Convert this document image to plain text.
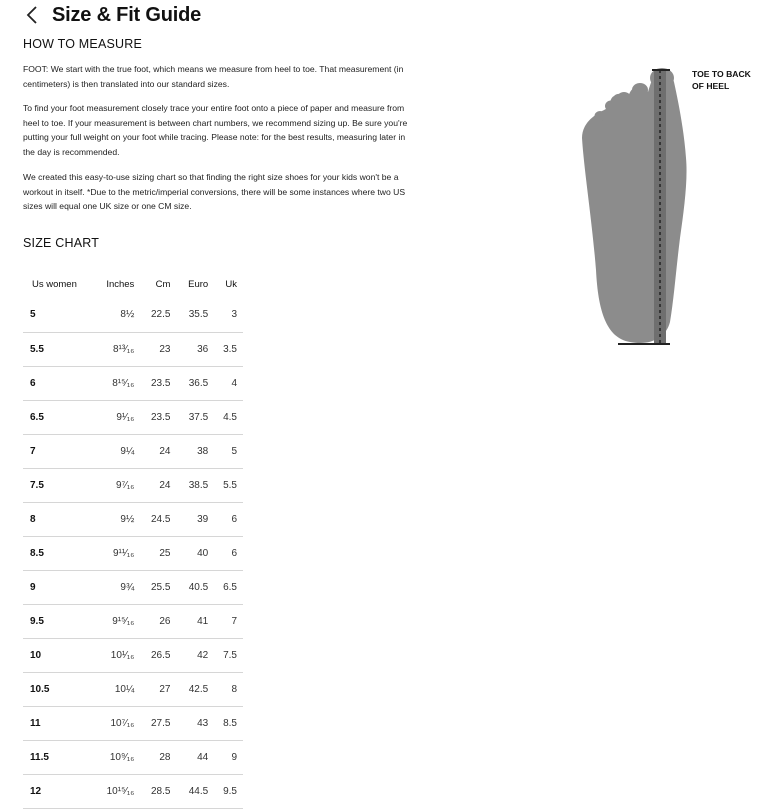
Size & Fit Guide
HOW TO MEASURE
FOOT: We start with the true foot, which means we measure from heel to toe. That measurement (in centimeters) is then translated into our standard sizes.
To find your foot measurement closely trace your entire foot onto a piece of paper and measure from heel to toe. If your measurement is between chart numbers, we recommend sizing up. Be sure you're putting your full weight on your foot while tracing. Please note: for the best results, measuring later in the day is recommended.
We created this easy-to-use sizing chart so that finding the right size shoes for your kids won't be a workout in itself. *Due to the metric/imperial conversions, there will be some instances where two US sizes will equal one UK size or one CM size.
SIZE CHART
Us women	Inches	Cm	Euro	Uk
5	8½	22.5	35.5	3
5.5	8¹³⁄₁₆	23	36	3.5
6	8¹⁵⁄₁₆	23.5	36.5	4
6.5	9¹⁄₁₆	23.5	37.5	4.5
7	9¼	24	38	5
7.5	9⁷⁄₁₆	24	38.5	5.5
8	9½	24.5	39	6
8.5	9¹¹⁄₁₆	25	40	6
9	9¾	25.5	40.5	6.5
9.5	9¹⁵⁄₁₆	26	41	7
10	10¹⁄₁₆	26.5	42	7.5
10.5	10¼	27	42.5	8
11	10⁷⁄₁₆	27.5	43	8.5
11.5	10⁹⁄₁₆	28	44	9
12	10¹⁵⁄₁₆	28.5	44.5	9.5
TOE TO BACK OF HEEL
